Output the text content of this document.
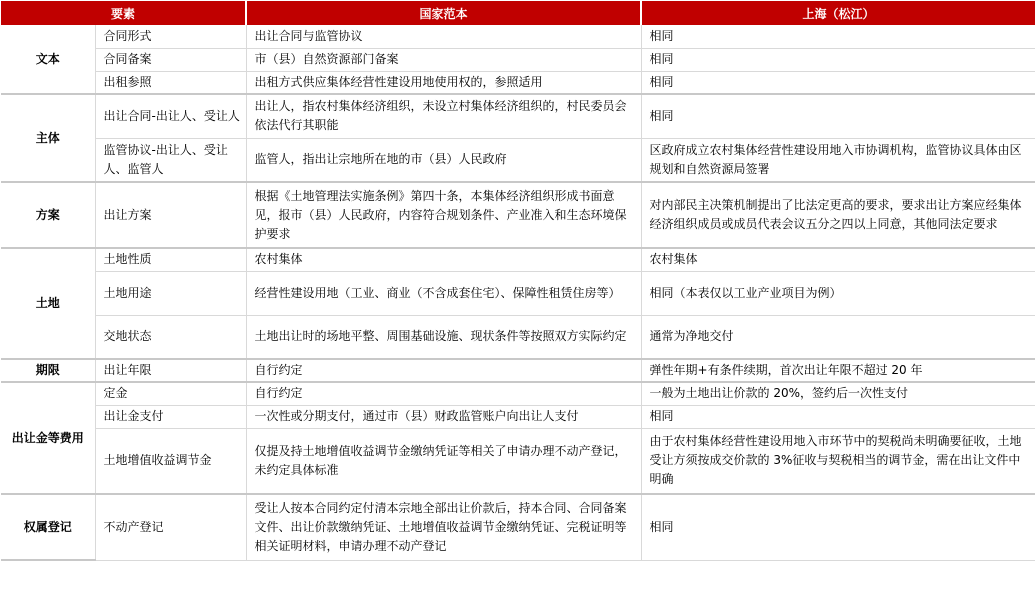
要素		国家范本	上海（松江）
文本	合同形式	出让合同与监管协议	相同
	合同备案	市（县）自然资源部门备案	相同
	出租参照	出租方式供应集体经营性建设用地使用权的，参照适用	相同
主体	出让合同-出让人、受让人	出让人，指农村集体经济组织，未设立村集体经济组织的，村民委员会依法代行其职能	相同
	监管协议-出让人、受让人、监管人	监管人，指出让宗地所在地的市（县）人民政府	区政府成立农村集体经营性建设用地入市协调机构，监管协议具体由区规划和自然资源局签署
方案	出让方案	根据《土地管理法实施条例》第四十条，本集体经济组织形成书面意见，报市（县）人民政府，内容符合规划条件、产业准入和生态环境保护要求	对内部民主决策机制提出了比法定更高的要求，要求出让方案应经集体经济组织成员或成员代表会议五分之四以上同意，其他同法定要求
土地	土地性质	农村集体	农村集体
	土地用途	经营性建设用地（工业、商业（不含成套住宅）、保障性租赁住房等）	相同（本表仅以工业产业项目为例）
	交地状态	土地出让时的场地平整、周围基础设施、现状条件等按照双方实际约定	通常为净地交付
期限	出让年限	自行约定	弹性年期+有条件续期，首次出让年限不超过 20 年
出让金等费用	定金	自行约定	一般为土地出让价款的 20%，签约后一次性支付
	出让金支付	一次性或分期支付，通过市（县）财政监管账户向出让人支付	相同
	土地增值收益调节金	仅提及持土地增值收益调节金缴纳凭证等相关了申请办理不动产登记，未约定具体标准	由于农村集体经营性建设用地入市环节中的契税尚未明确要征收，土地受让方须按成交价款的 3%征收与契税相当的调节金，需在出让文件中明确
权属登记	不动产登记	受让人按本合同约定付清本宗地全部出让价款后，持本合同、合同备案文件、出让价款缴纳凭证、土地增值收益调节金缴纳凭证、完税证明等相关证明材料，申请办理不动产登记	相同
